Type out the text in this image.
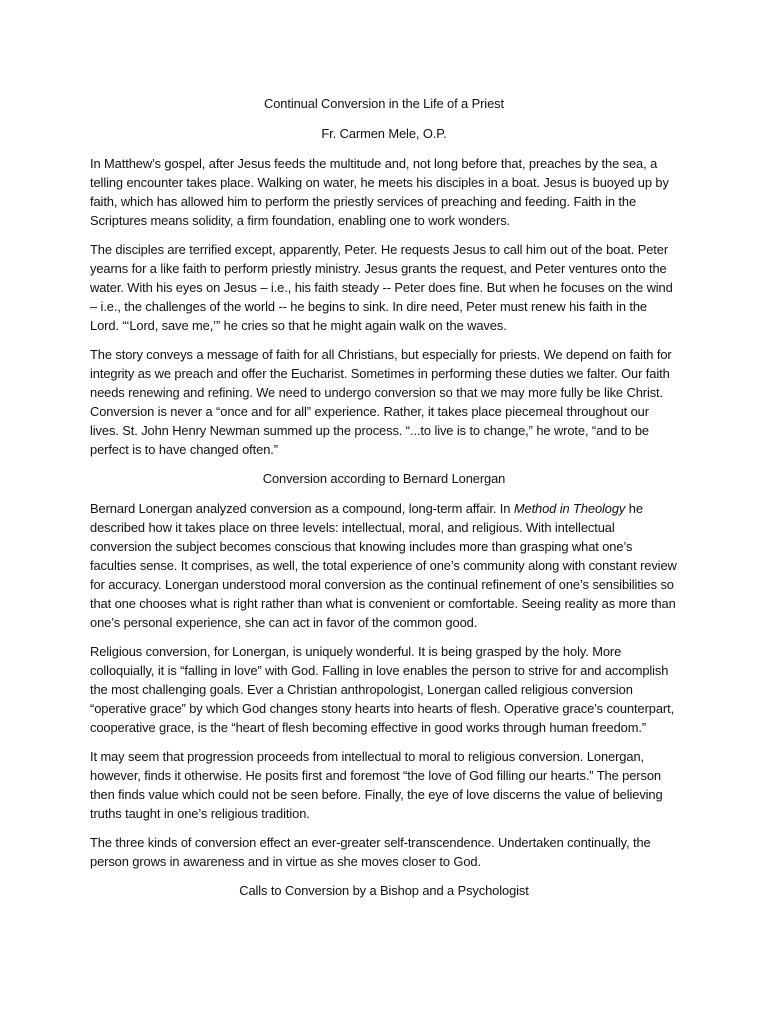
Continual Conversion in the Life of a Priest

Fr. Carmen Mele, O.P.

In Matthew’s gospel, after Jesus feeds the multitude and, not long before that, preaches by the sea, a telling encounter takes place. Walking on water, he meets his disciples in a boat. Jesus is buoyed up by faith, which has allowed him to perform the priestly services of preaching and feeding. Faith in the Scriptures means solidity, a firm foundation, enabling one to work wonders.

The disciples are terrified except, apparently, Peter. He requests Jesus to call him out of the boat. Peter yearns for a like faith to perform priestly ministry. Jesus grants the request, and Peter ventures onto the water. With his eyes on Jesus – i.e., his faith steady -- Peter does fine. But when he focuses on the wind – i.e., the challenges of the world -- he begins to sink. In dire need, Peter must renew his faith in the Lord. “‘Lord, save me,’” he cries so that he might again walk on the waves.

The story conveys a message of faith for all Christians, but especially for priests. We depend on faith for integrity as we preach and offer the Eucharist. Sometimes in performing these duties we falter. Our faith needs renewing and refining. We need to undergo conversion so that we may more fully be like Christ. Conversion is never a “once and for all” experience. Rather, it takes place piecemeal throughout our lives. St. John Henry Newman summed up the process. “...to live is to change,” he wrote, “and to be perfect is to have changed often.”

Conversion according to Bernard Lonergan

Bernard Lonergan analyzed conversion as a compound, long-term affair. In Method in Theology he described how it takes place on three levels: intellectual, moral, and religious. With intellectual conversion the subject becomes conscious that knowing includes more than grasping what one’s faculties sense. It comprises, as well, the total experience of one’s community along with constant review for accuracy. Lonergan understood moral conversion as the continual refinement of one’s sensibilities so that one chooses what is right rather than what is convenient or comfortable. Seeing reality as more than one’s personal experience, she can act in favor of the common good.

Religious conversion, for Lonergan, is uniquely wonderful. It is being grasped by the holy. More colloquially, it is “falling in love” with God. Falling in love enables the person to strive for and accomplish the most challenging goals. Ever a Christian anthropologist, Lonergan called religious conversion “operative grace” by which God changes stony hearts into hearts of flesh. Operative grace’s counterpart, cooperative grace, is the “heart of flesh becoming effective in good works through human freedom.”

It may seem that progression proceeds from intellectual to moral to religious conversion. Lonergan, however, finds it otherwise. He posits first and foremost “the love of God filling our hearts.” The person then finds value which could not be seen before. Finally, the eye of love discerns the value of believing truths taught in one’s religious tradition.

The three kinds of conversion effect an ever-greater self-transcendence. Undertaken continually, the person grows in awareness and in virtue as she moves closer to God.

Calls to Conversion by a Bishop and a Psychologist
